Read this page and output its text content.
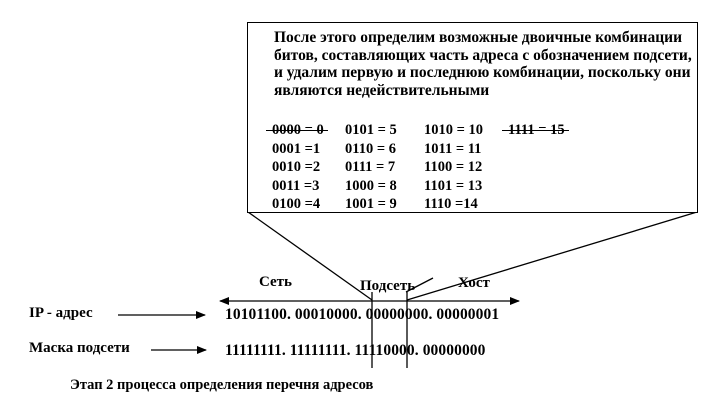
После этого определим возможные двоичные комбинации битов, составляющих часть адреса с обозначением подсети, и удалим первую и последнюю комбинации, поскольку они являются недействительными
0000 = 0	0101 = 5	1010 = 10	1111 = 15
0001 =1	0110 = 6	1011 = 11
0010 =2	0111 = 7	1100 = 12
0011 =3	1000 = 8	1101 = 13
0100 =4	1001 = 9	1110 =14
Сеть	Подсеть	Хост
IP - адрес	10101100. 00010000. 00000000. 00000001
Маска подсети	11111111. 11111111. 11110000. 00000000
Этап 2 процесса определения перечня адресов
